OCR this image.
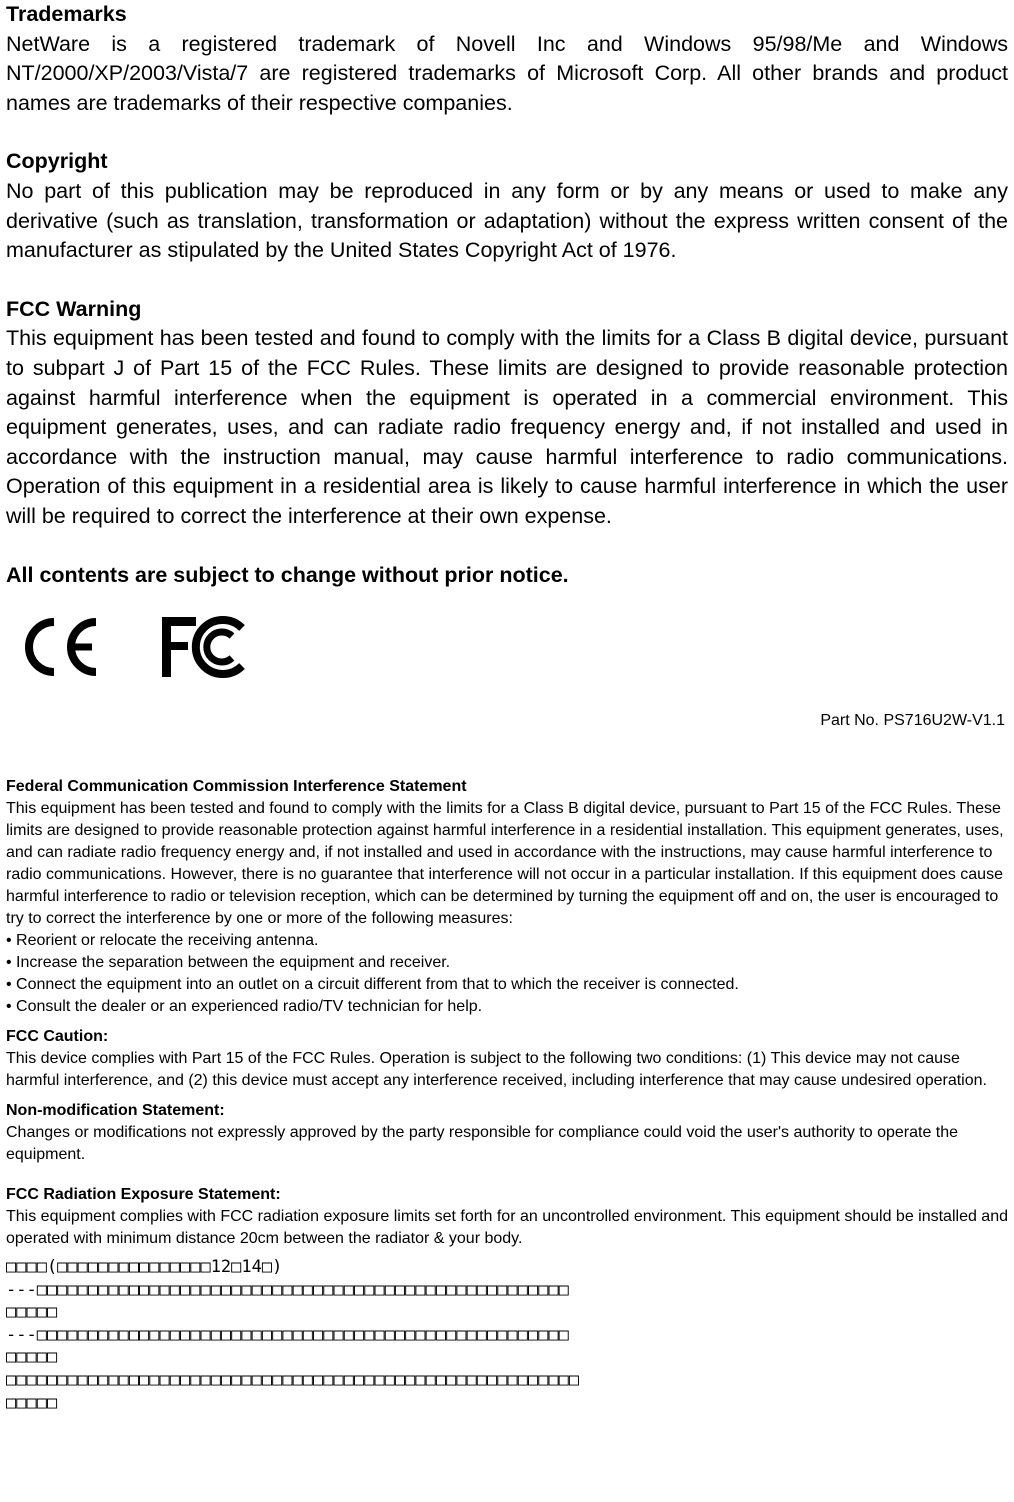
Trademarks

NetWare is a registered trademark of Novell Inc and Windows 95/98/Me and Windows NT/2000/XP/2003/Vista/7 are registered trademarks of Microsoft Corp. All other brands and product names are trademarks of their respective companies.

Copyright

No part of this publication may be reproduced in any form or by any means or used to make any derivative (such as translation, transformation or adaptation) without the express written consent of the manufacturer as stipulated by the United States Copyright Act of 1976.

FCC Warning

This equipment has been tested and found to comply with the limits for a Class B digital device, pursuant to subpart J of Part 15 of the FCC Rules. These limits are designed to provide reasonable protection against harmful interference when the equipment is operated in a commercial environment. This equipment generates, uses, and can radiate radio frequency energy and, if not installed and used in accordance with the instruction manual, may cause harmful interference to radio communications. Operation of this equipment in a residential area is likely to cause harmful interference in which the user will be required to correct the interference at their own expense.

All contents are subject to change without prior notice.
Part No. PS716U2W-V1.1
Federal Communication Commission Interference Statement

This equipment has been tested and found to comply with the limits for a Class B digital device, pursuant to Part 15 of the FCC Rules. These limits are designed to provide reasonable protection against harmful interference in a residential installation. This equipment generates, uses, and can radiate radio frequency energy and, if not installed and used in accordance with the instructions, may cause harmful interference to radio communications. However, there is no guarantee that interference will not occur in a particular installation. If this equipment does cause harmful interference to radio or television reception, which can be determined by turning the equipment off and on, the user is encouraged to try to correct the interference by one or more of the following measures:

• Reorient or relocate the receiving antenna.
• Increase the separation between the equipment and receiver.
• Connect the equipment into an outlet on a circuit different from that to which the receiver is connected.
• Consult the dealer or an experienced radio/TV technician for help.
FCC Caution:

This device complies with Part 15 of the FCC Rules. Operation is subject to the following two conditions: (1) This device may not cause harmful interference, and (2) this device must accept any interference received, including interference that may cause undesired operation.

Non-modification Statement:

Changes or modifications not expressly approved by the party responsible for compliance could void the user's authority to operate the equipment.

FCC Radiation Exposure Statement:

This equipment complies with FCC radiation exposure limits set forth for an uncontrolled environment. This equipment should be installed and operated with minimum distance 20cm between the radiator & your body.

□□□□(□□□□□□□□□□□□□□□12□14□)
---□□□□□□□□□□□□□□□□□□□□□□□□□□□□□□□□□□□□□□□□□□□□□□□□□□□□
□□□□□
---□□□□□□□□□□□□□□□□□□□□□□□□□□□□□□□□□□□□□□□□□□□□□□□□□□□□
□□□□□
□□□□□□□□□□□□□□□□□□□□□□□□□□□□□□□□□□□□□□□□□□□□□□□□□□□□□□□□
□□□□□
